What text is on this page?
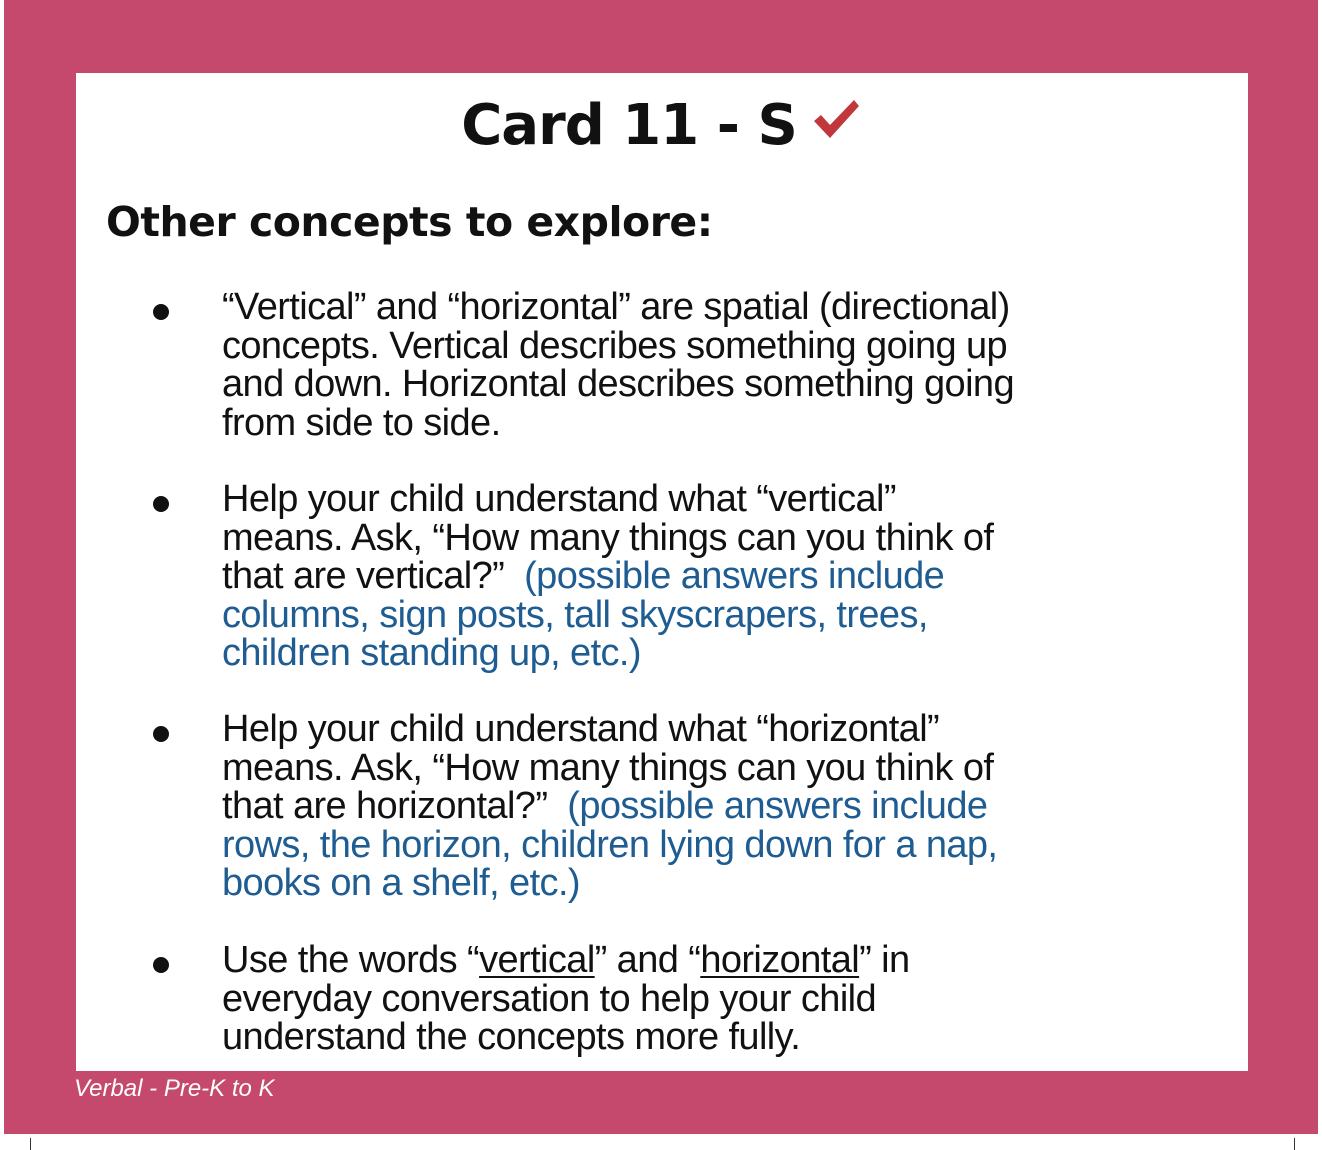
Card 11 - S
Other concepts to explore:
“Vertical” and “horizontal” are spatial (directional)
concepts. Vertical describes something going up
and down. Horizontal describes something going
from side to side.
Help your child understand what “vertical”
means. Ask, “How many things can you think of
that are vertical?” (possible answers include
columns, sign posts, tall skyscrapers, trees,
children standing up, etc.)
Help your child understand what “horizontal”
means. Ask, “How many things can you think of
that are horizontal?” (possible answers include
rows, the horizon, children lying down for a nap,
books on a shelf, etc.)
Use the words “vertical” and “horizontal” in
everyday conversation to help your child
understand the concepts more fully.
Verbal - Pre-K to K
